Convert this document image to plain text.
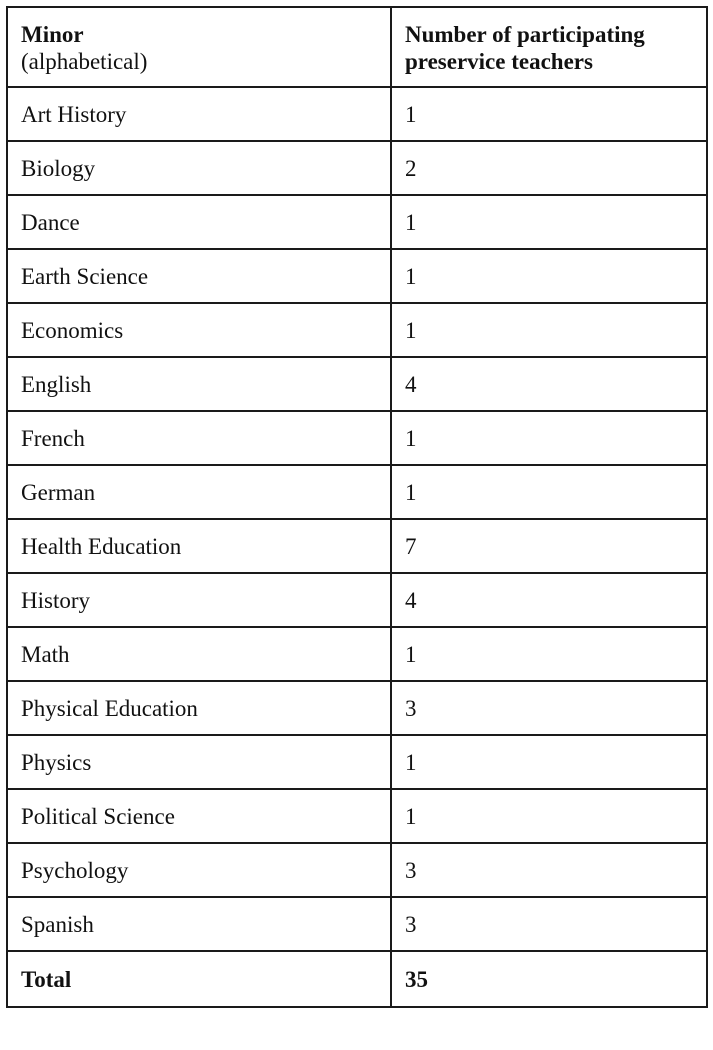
Minor
(alphabetical)	Number of participating preservice teachers

Art History	1
Biology	2
Dance	1
Earth Science	1
Economics	1
English	4
French	1
German	1
Health Education	7
History	4
Math	1
Physical Education	3
Physics	1
Political Science	1
Psychology	3
Spanish	3
Total	35
